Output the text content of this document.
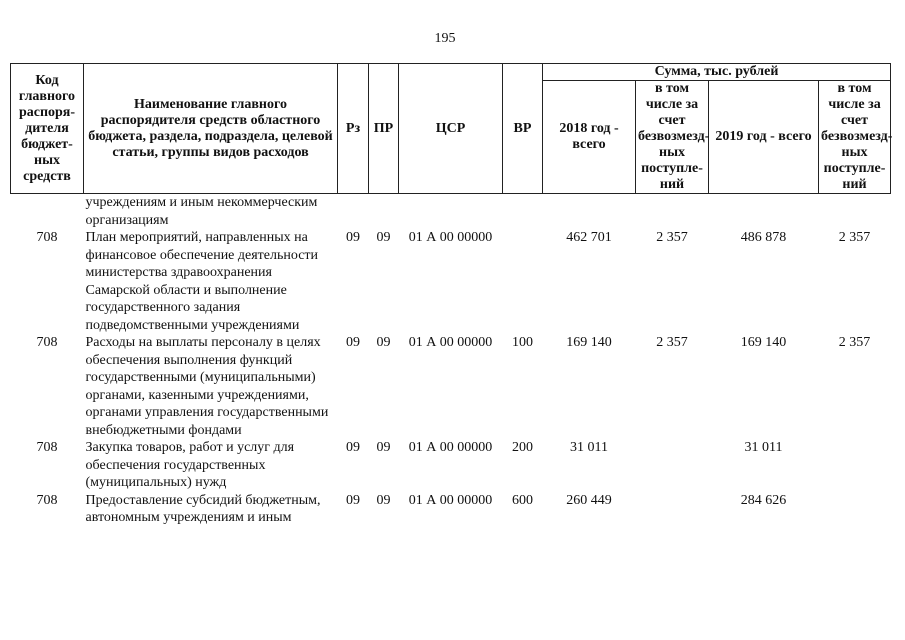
195
Код главного распоря-дителя бюджет-ных средств	Наименование главного распорядителя средств областного бюджета, раздела, подраздела, целевой статьи, группы видов расходов	Рз	ПР	ЦСР	ВР	Сумма, тыс. рублей			
						2018 год - всего	в том числе за счет безвозмезд-ных поступле-ний	2019 год - всего	в том числе за счет безвозмезд-ных поступле-ний
	учреждениям и иным некоммерческим организациям								
708	План мероприятий, направленных на финансовое обеспечение деятельности министерства здравоохранения Самарской области и выполнение государственного задания подведомственными учреждениями	09	09	01 А 00 00000		462 701	2 357	486 878	2 357
708	Расходы на выплаты персоналу в целях обеспечения выполнения функций государственными (муниципальными) органами, казенными учреждениями, органами управления государственными внебюджетными фондами	09	09	01 А 00 00000	100	169 140	2 357	169 140	2 357
708	Закупка товаров, работ и услуг для обеспечения государственных (муниципальных) нужд	09	09	01 А 00 00000	200	31 011		31 011	
708	Предоставление субсидий бюджетным, автономным учреждениям и иным	09	09	01 А 00 00000	600	260 449		284 626	
